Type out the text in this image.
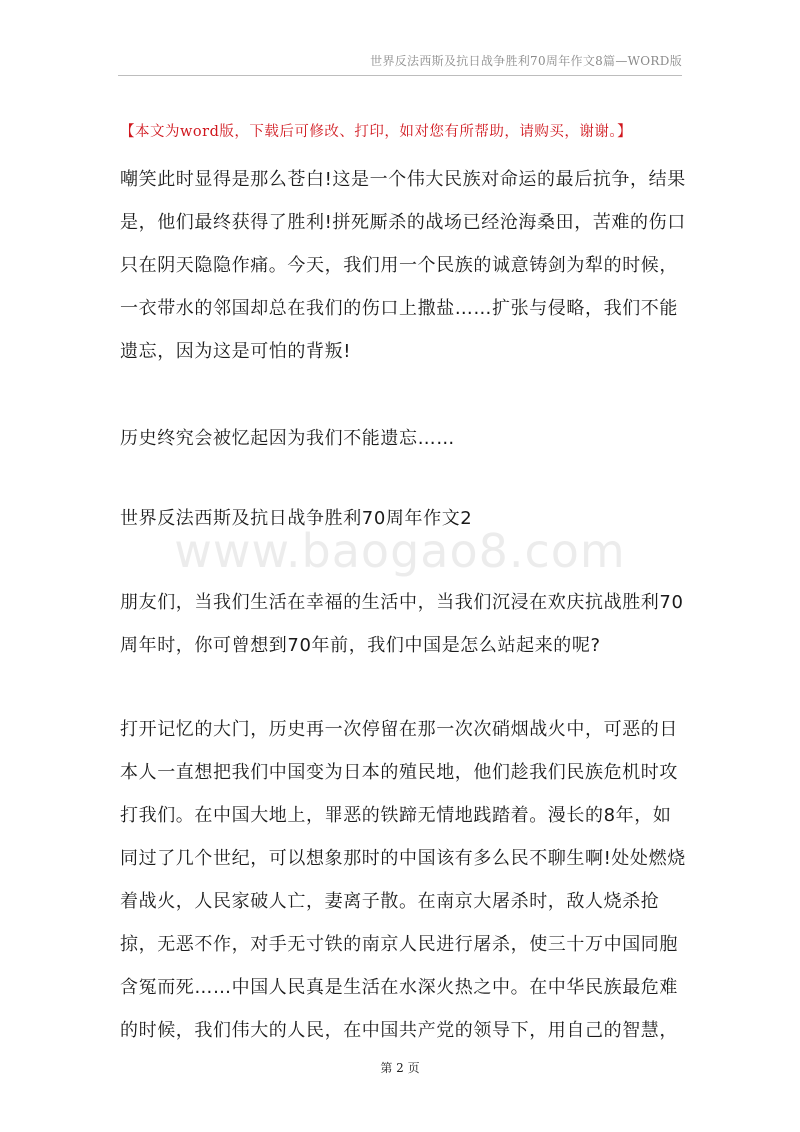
世界反法西斯及抗日战争胜利70周年作文8篇—WORD版
【本文为word版，下载后可修改、打印，如对您有所帮助，请购买，谢谢。】
嘲笑此时显得是那么苍白!这是一个伟大民族对命运的最后抗争，结果是，他们最终获得了胜利!拼死厮杀的战场已经沧海桑田，苦难的伤口只在阴天隐隐作痛。今天，我们用一个民族的诚意铸剑为犁的时候，一衣带水的邻国却总在我们的伤口上撒盐……扩张与侵略，我们不能遗忘，因为这是可怕的背叛!
历史终究会被忆起因为我们不能遗忘……
世界反法西斯及抗日战争胜利70周年作文2
www.baogao8.com
朋友们，当我们生活在幸福的生活中，当我们沉浸在欢庆抗战胜利70周年时，你可曾想到70年前，我们中国是怎么站起来的呢?
打开记忆的大门，历史再一次停留在那一次次硝烟战火中，可恶的日本人一直想把我们中国变为日本的殖民地，他们趁我们民族危机时攻打我们。在中国大地上，罪恶的铁蹄无情地践踏着。漫长的8年，如同过了几个世纪，可以想象那时的中国该有多么民不聊生啊!处处燃烧着战火，人民家破人亡，妻离子散。在南京大屠杀时，敌人烧杀抢掠，无恶不作，对手无寸铁的南京人民进行屠杀，使三十万中国同胞含冤而死……中国人民真是生活在水深火热之中。在中华民族最危难的时候，我们伟大的人民，在中国共产党的领导下，用自己的智慧，
第 2 页
